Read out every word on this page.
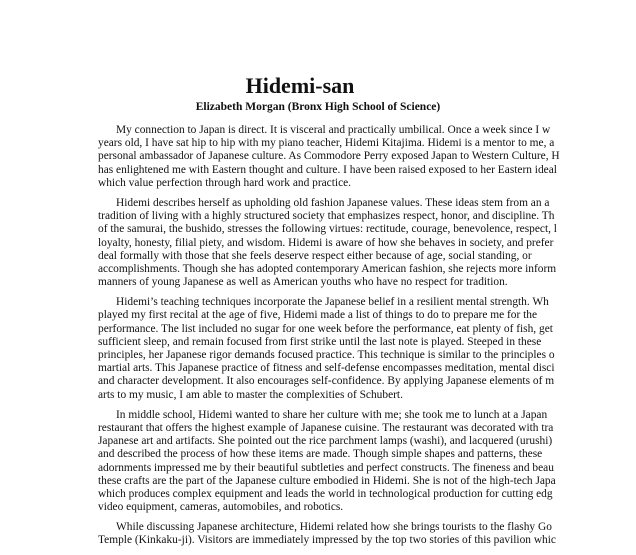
Hidemi-san
Elizabeth Morgan (Bronx High School of Science)
My connection to Japan is direct. It is visceral and practically umbilical. Once a week since I w
years old, I have sat hip to hip with my piano teacher, Hidemi Kitajima. Hidemi is a mentor to me, a
personal ambassador of Japanese culture. As Commodore Perry exposed Japan to Western Culture, H
has enlightened me with Eastern thought and culture. I have been raised exposed to her Eastern ideal
which value perfection through hard work and practice.
Hidemi describes herself as upholding old fashion Japanese values. These ideas stem from an a
tradition of living with a highly structured society that emphasizes respect, honor, and discipline. Th
of the samurai, the bushido, stresses the following virtues: rectitude, courage, benevolence, respect, l
loyalty, honesty, filial piety, and wisdom. Hidemi is aware of how she behaves in society, and prefer
deal formally with those that she feels deserve respect either because of age, social standing, or
accomplishments. Though she has adopted contemporary American fashion, she rejects more inform
manners of young Japanese as well as American youths who have no respect for tradition.
Hidemi’s teaching techniques incorporate the Japanese belief in a resilient mental strength. Wh
played my first recital at the age of five, Hidemi made a list of things to do to prepare me for the
performance. The list included no sugar for one week before the performance, eat plenty of fish, get
sufficient sleep, and remain focused from first strike until the last note is played. Steeped in these
principles, her Japanese rigor demands focused practice. This technique is similar to the principles o
martial arts. This Japanese practice of fitness and self-defense encompasses meditation, mental disci
and character development. It also encourages self-confidence. By applying Japanese elements of m
arts to my music, I am able to master the complexities of Schubert.
In middle school, Hidemi wanted to share her culture with me; she took me to lunch at a Japan
restaurant that offers the highest example of Japanese cuisine. The restaurant was decorated with tra
Japanese art and artifacts. She pointed out the rice parchment lamps (washi), and lacquered (urushi)
and described the process of how these items are made. Though simple shapes and patterns, these
adornments impressed me by their beautiful subtleties and perfect constructs. The fineness and beau
these crafts are the part of the Japanese culture embodied in Hidemi. She is not of the high-tech Japa
which produces complex equipment and leads the world in technological production for cutting edg
video equipment, cameras, automobiles, and robotics.
While discussing Japanese architecture, Hidemi related how she brings tourists to the flashy Go
Temple (Kinkaku-ji). Visitors are immediately impressed by the top two stories of this pavilion whic
